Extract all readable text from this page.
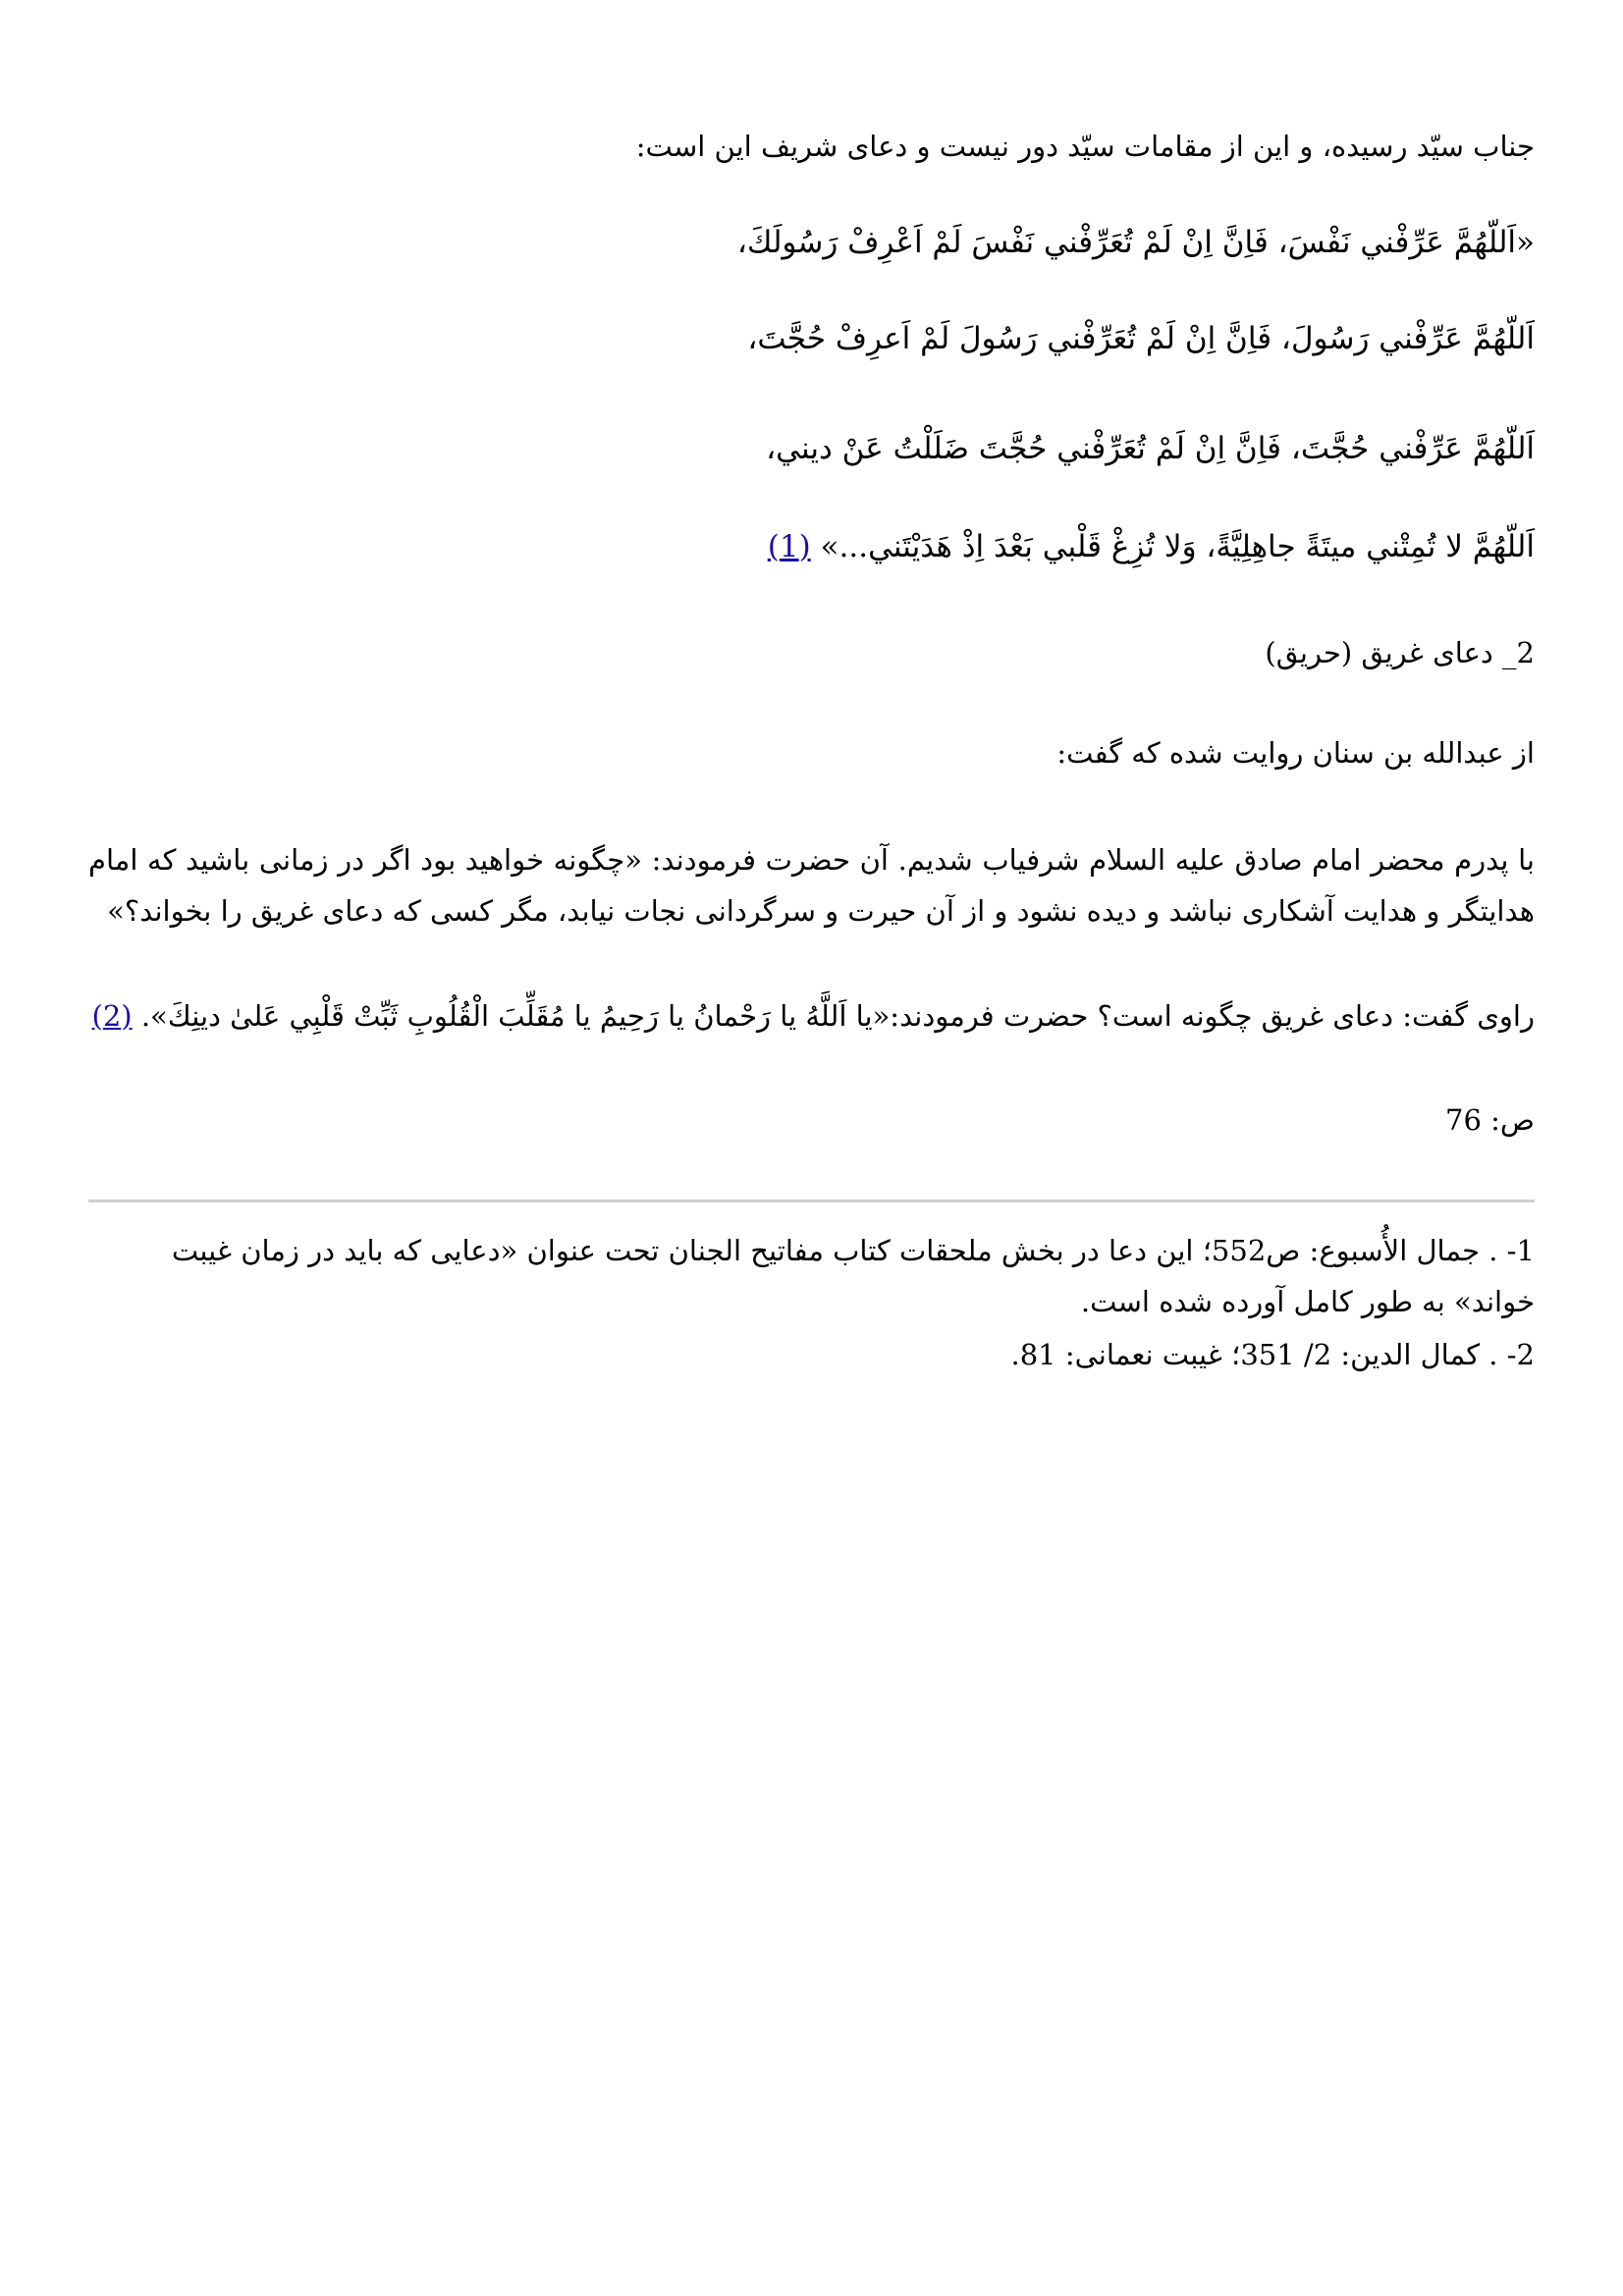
جناب سیّد رسیده، و این از مقامات سیّد دور نیست و دعای شریف این است:
«اَللّهُمَّ عَرِّفْني نَفْسَ، فَاِنَّ اِنْ لَمْ تُعَرِّفْني نَفْسَ لَمْ اَعْرِفْ رَسُولَكَ،
اَللّهُمَّ عَرِّفْني رَسُولَ، فَاِنَّ اِنْ لَمْ تُعَرِّفْني رَسُولَ لَمْ اَعرِفْ حُجَّتَ،
اَللّهُمَّ عَرِّفْني حُجَّتَ، فَاِنَّ اِنْ لَمْ تُعَرِّفْني حُجَّتَ ضَلَلْتُ عَنْ ديني،
اَللّهُمَّ لا تُمِتْني ميتَةً جاهِلِيَّةً، وَلا تُزِغْ قَلْبي بَعْدَ اِذْ هَدَيْتَني...» (1)
2_ دعای غریق (حریق)
از عبدالله بن سنان روایت شده که گفت:
با پدرم محضر امام صادق علیه السلام شرفیاب شدیم. آن حضرت فرمودند: «چگونه خواهید بود اگر در زمانی باشید که امام هدایتگر و هدایت آشکاری نباشد و دیده نشود و از آن حیرت و سرگردانی نجات نیابد، مگر کسی که دعای غریق را بخواند؟»
راوی گفت: دعای غریق چگونه است؟ حضرت فرمودند:«یا اَللَّهُ یا رَحْمانُ یا رَحِیمُ یا مُقَلِّبَ الْقُلُوبِ ثَبِّتْ قَلْبِي عَلىٰ دينِكَ». (2)
ص: 76
1- . جمال الأُسبوع: ص552؛ این دعا در بخش ملحقات کتاب مفاتیح الجنان تحت عنوان «دعایی که باید در زمان غیبت خواند» به طور کامل آورده شده است.
2- . کمال الدین: 2/ 351؛ غیبت نعمانی: 81.
